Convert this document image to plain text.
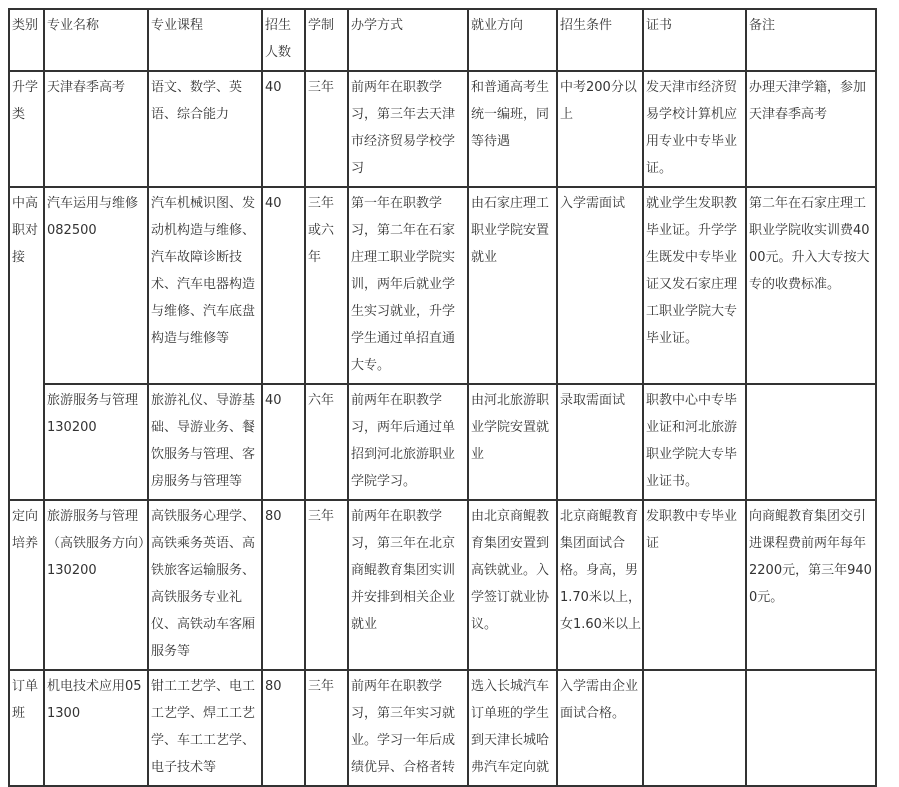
类别	专业名称	专业课程	招生人数	学制	办学方式	就业方向	招生条件	证书	备注
升学类	天津春季高考	语文、数学、英语、综合能力	40	三年	前两年在职教学习，第三年去天津市经济贸易学校学习	和普通高考生统一编班，同等待遇	中考200分以上	发天津市经济贸易学校计算机应用专业中专毕业证。	办理天津学籍，参加天津春季高考
中高职对接	汽车运用与维修082500	汽车机械识图、发动机构造与维修、汽车故障诊断技术、汽车电器构造与维修、汽车底盘构造与维修等	40	三年或六年	第一年在职教学习，第二年在石家庄理工职业学院实训，两年后就业学生实习就业，升学学生通过单招直通大专。	由石家庄理工职业学院安置就业	入学需面试	就业学生发职教毕业证。升学学生既发中专毕业证又发石家庄理工职业学院大专毕业证。	第二年在石家庄理工职业学院收实训费4000元。升入大专按大专的收费标准。
	旅游服务与管理130200	旅游礼仪、导游基础、导游业务、餐饮服务与管理、客房服务与管理等	40	六年	前两年在职教学习，两年后通过单招到河北旅游职业学院学习。	由河北旅游职业学院安置就业	录取需面试	职教中心中专毕业证和河北旅游职业学院大专毕业证书。	
定向培养	旅游服务与管理（高铁服务方向）130200	高铁服务心理学、高铁乘务英语、高铁旅客运输服务、高铁服务专业礼仪、高铁动车客厢服务等	80	三年	前两年在职教学习，第三年在北京商鲲教育集团实训并安排到相关企业就业	由北京商鲲教育集团安置到高铁就业。入学签订就业协议。	北京商鲲教育集团面试合格。身高，男1.70米以上，女1.60米以上	发职教中专毕业证	向商鲲教育集团交引进课程费前两年每年2200元，第三年9400元。
订单班	机电技术应用051300	钳工工艺学、电工工艺学、焊工工艺学、车工工艺学、电子技术等	80	三年	前两年在职教学习，第三年实习就业。学习一年后成绩优异、合格者转	选入长城汽车订单班的学生到天津长城哈弗汽车定向就	入学需由企业面试合格。		
